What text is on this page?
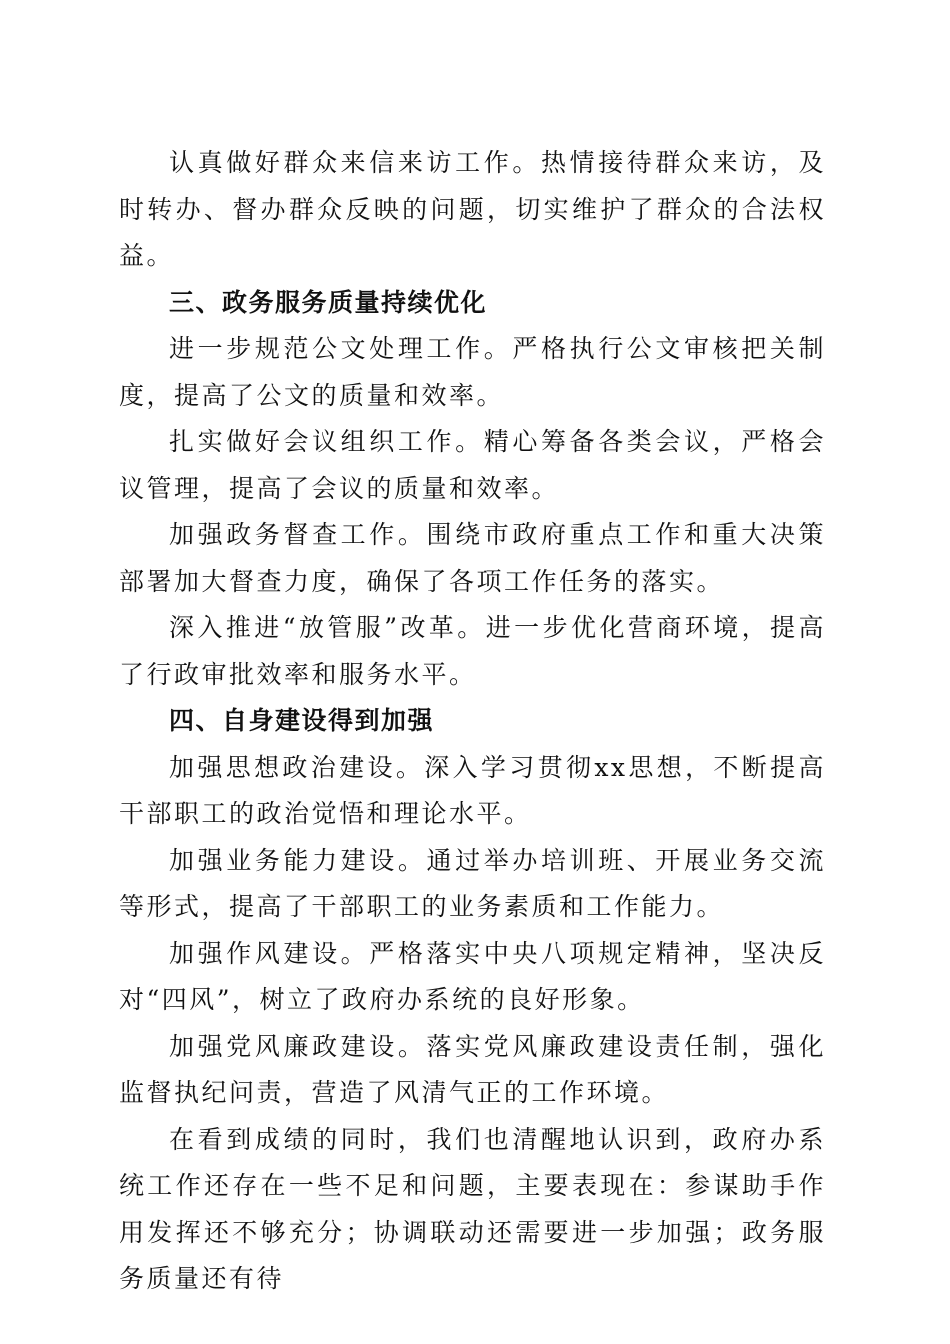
认真做好群众来信来访工作。热情接待群众来访，及时转办、督办群众反映的问题，切实维护了群众的合法权益。

三、政务服务质量持续优化

进一步规范公文处理工作。严格执行公文审核把关制度，提高了公文的质量和效率。

扎实做好会议组织工作。精心筹备各类会议，严格会议管理，提高了会议的质量和效率。

加强政务督查工作。围绕市政府重点工作和重大决策部署加大督查力度，确保了各项工作任务的落实。

深入推进“放管服”改革。进一步优化营商环境，提高了行政审批效率和服务水平。

四、自身建设得到加强

加强思想政治建设。深入学习贯彻xx思想，不断提高干部职工的政治觉悟和理论水平。

加强业务能力建设。通过举办培训班、开展业务交流等形式，提高了干部职工的业务素质和工作能力。

加强作风建设。严格落实中央八项规定精神，坚决反对“四风”，树立了政府办系统的良好形象。

加强党风廉政建设。落实党风廉政建设责任制，强化监督执纪问责，营造了风清气正的工作环境。

在看到成绩的同时，我们也清醒地认识到，政府办系统工作还存在一些不足和问题，主要表现在：参谋助手作用发挥还不够充分；协调联动还需要进一步加强；政务服务质量还有待
